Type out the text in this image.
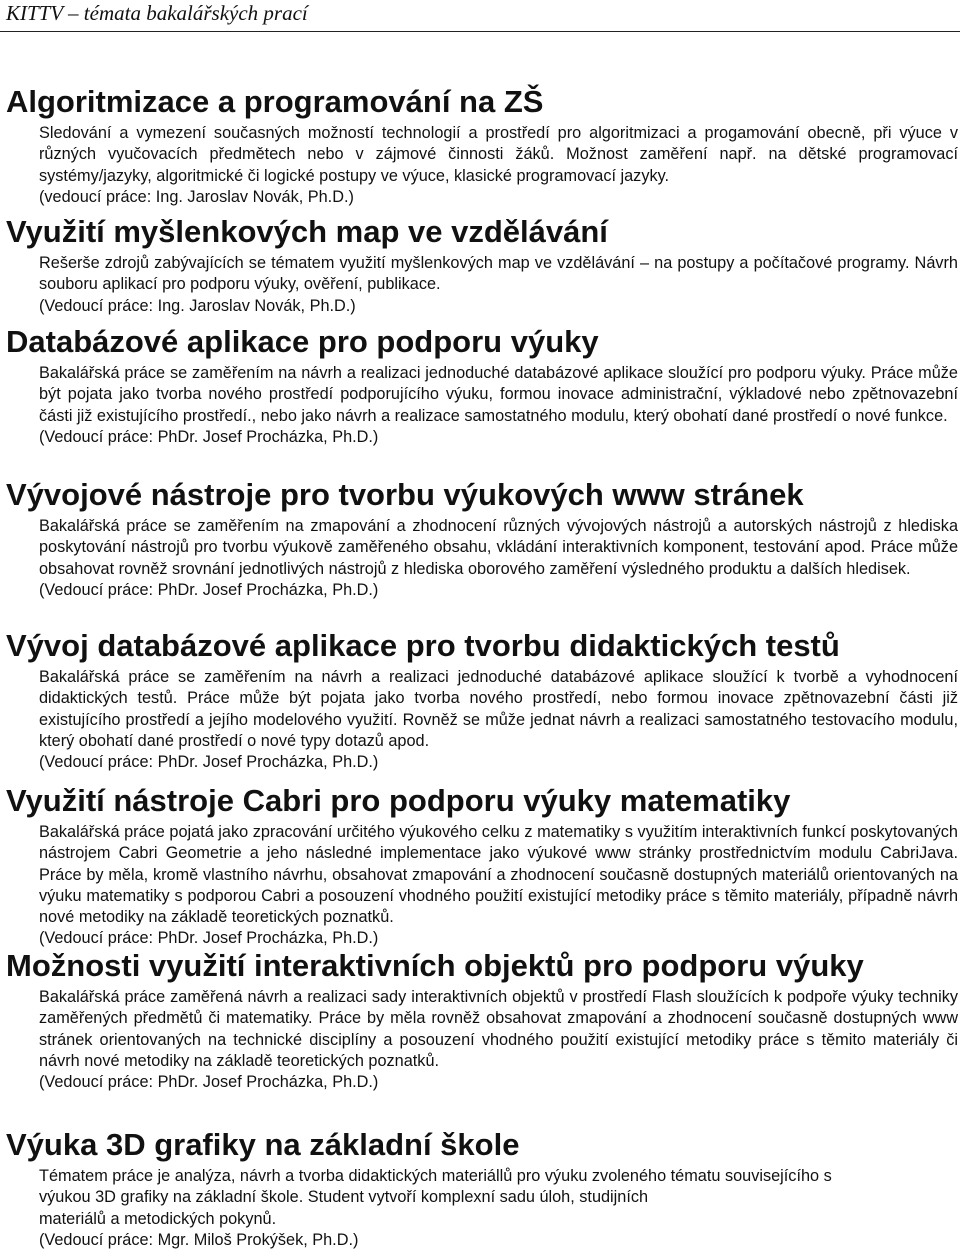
KITTV – témata bakalářských prací
Algoritmizace a programování na ZŠ
Sledování a vymezení současných možností technologií a prostředí pro algoritmizaci a progamování obecně, při výuce v různých vyučovacích předmětech nebo v zájmové činnosti žáků. Možnost zaměření např. na dětské programovací systémy/jazyky, algoritmické či logické postupy ve výuce, klasické programovací jazyky.
(vedoucí práce: Ing. Jaroslav Novák, Ph.D.)
Využití myšlenkových map ve vzdělávání
Rešerše zdrojů zabývajících se tématem využití myšlenkových map ve vzdělávání – na postupy a počítačové programy. Návrh souboru aplikací pro podporu výuky, ověření, publikace.
(Vedoucí práce: Ing. Jaroslav Novák, Ph.D.)
Databázové aplikace pro podporu výuky
Bakalářská práce se zaměřením na návrh a realizaci jednoduché databázové aplikace sloužící pro podporu výuky. Práce může být pojata jako tvorba nového prostředí podporujícího výuku, formou inovace administrační, výkladové nebo zpětnovazební části již existujícího prostředí., nebo jako návrh a realizace samostatného modulu, který obohatí dané prostředí o nové funkce.
(Vedoucí práce: PhDr. Josef Procházka, Ph.D.)
Vývojové nástroje pro tvorbu výukových www stránek
Bakalářská práce se zaměřením na zmapování a zhodnocení různých vývojových nástrojů a autorských nástrojů z hlediska poskytování nástrojů pro tvorbu výukově zaměřeného obsahu, vkládání interaktivních komponent, testování apod. Práce může obsahovat rovněž srovnání jednotlivých nástrojů z hlediska oborového zaměření výsledného produktu a dalších hledisek.
(Vedoucí práce: PhDr. Josef Procházka, Ph.D.)
Vývoj databázové aplikace pro tvorbu didaktických testů
Bakalářská práce se zaměřením na návrh a realizaci jednoduché databázové aplikace sloužící k tvorbě a vyhodnocení didaktických testů. Práce může být pojata jako tvorba nového prostředí, nebo formou inovace zpětnovazební části již existujícího prostředí a jejího modelového využití. Rovněž se může jednat návrh a realizaci samostatného testovacího modulu, který obohatí dané prostředí o nové typy dotazů apod.
(Vedoucí práce: PhDr. Josef Procházka, Ph.D.)
Využití nástroje Cabri pro podporu výuky matematiky
Bakalářská práce pojatá jako zpracování určitého výukového celku z matematiky s využitím interaktivních funkcí poskytovaných nástrojem Cabri Geometrie a jeho následné implementace jako výukové www stránky prostřednictvím modulu CabriJava. Práce by měla, kromě vlastního návrhu, obsahovat zmapování a zhodnocení současně dostupných materiálů orientovaných na výuku matematiky s podporou Cabri a posouzení vhodného použití existující metodiky práce s těmito materiály, případně návrh nové metodiky na základě teoretických poznatků.
(Vedoucí práce: PhDr. Josef Procházka, Ph.D.)
Možnosti využití interaktivních objektů pro podporu výuky
Bakalářská práce zaměřená návrh a realizaci sady interaktivních objektů v prostředí Flash sloužících k podpoře výuky techniky zaměřených předmětů či matematiky. Práce by měla rovněž obsahovat zmapování a zhodnocení současně dostupných www stránek orientovaných na technické disciplíny a posouzení vhodného použití existující metodiky práce s těmito materiály či návrh nové metodiky na základě teoretických poznatků.
(Vedoucí práce: PhDr. Josef Procházka, Ph.D.)
Výuka 3D grafiky na základní škole
Tématem práce je analýza, návrh a tvorba didaktických materiállů pro výuku zvoleného tématu souvisejícího s
výukou 3D grafiky na základní škole. Student vytvoří komplexní sadu úloh, studijních
materiálů a metodických pokynů.
(Vedoucí práce: Mgr. Miloš Prokýšek, Ph.D.)
